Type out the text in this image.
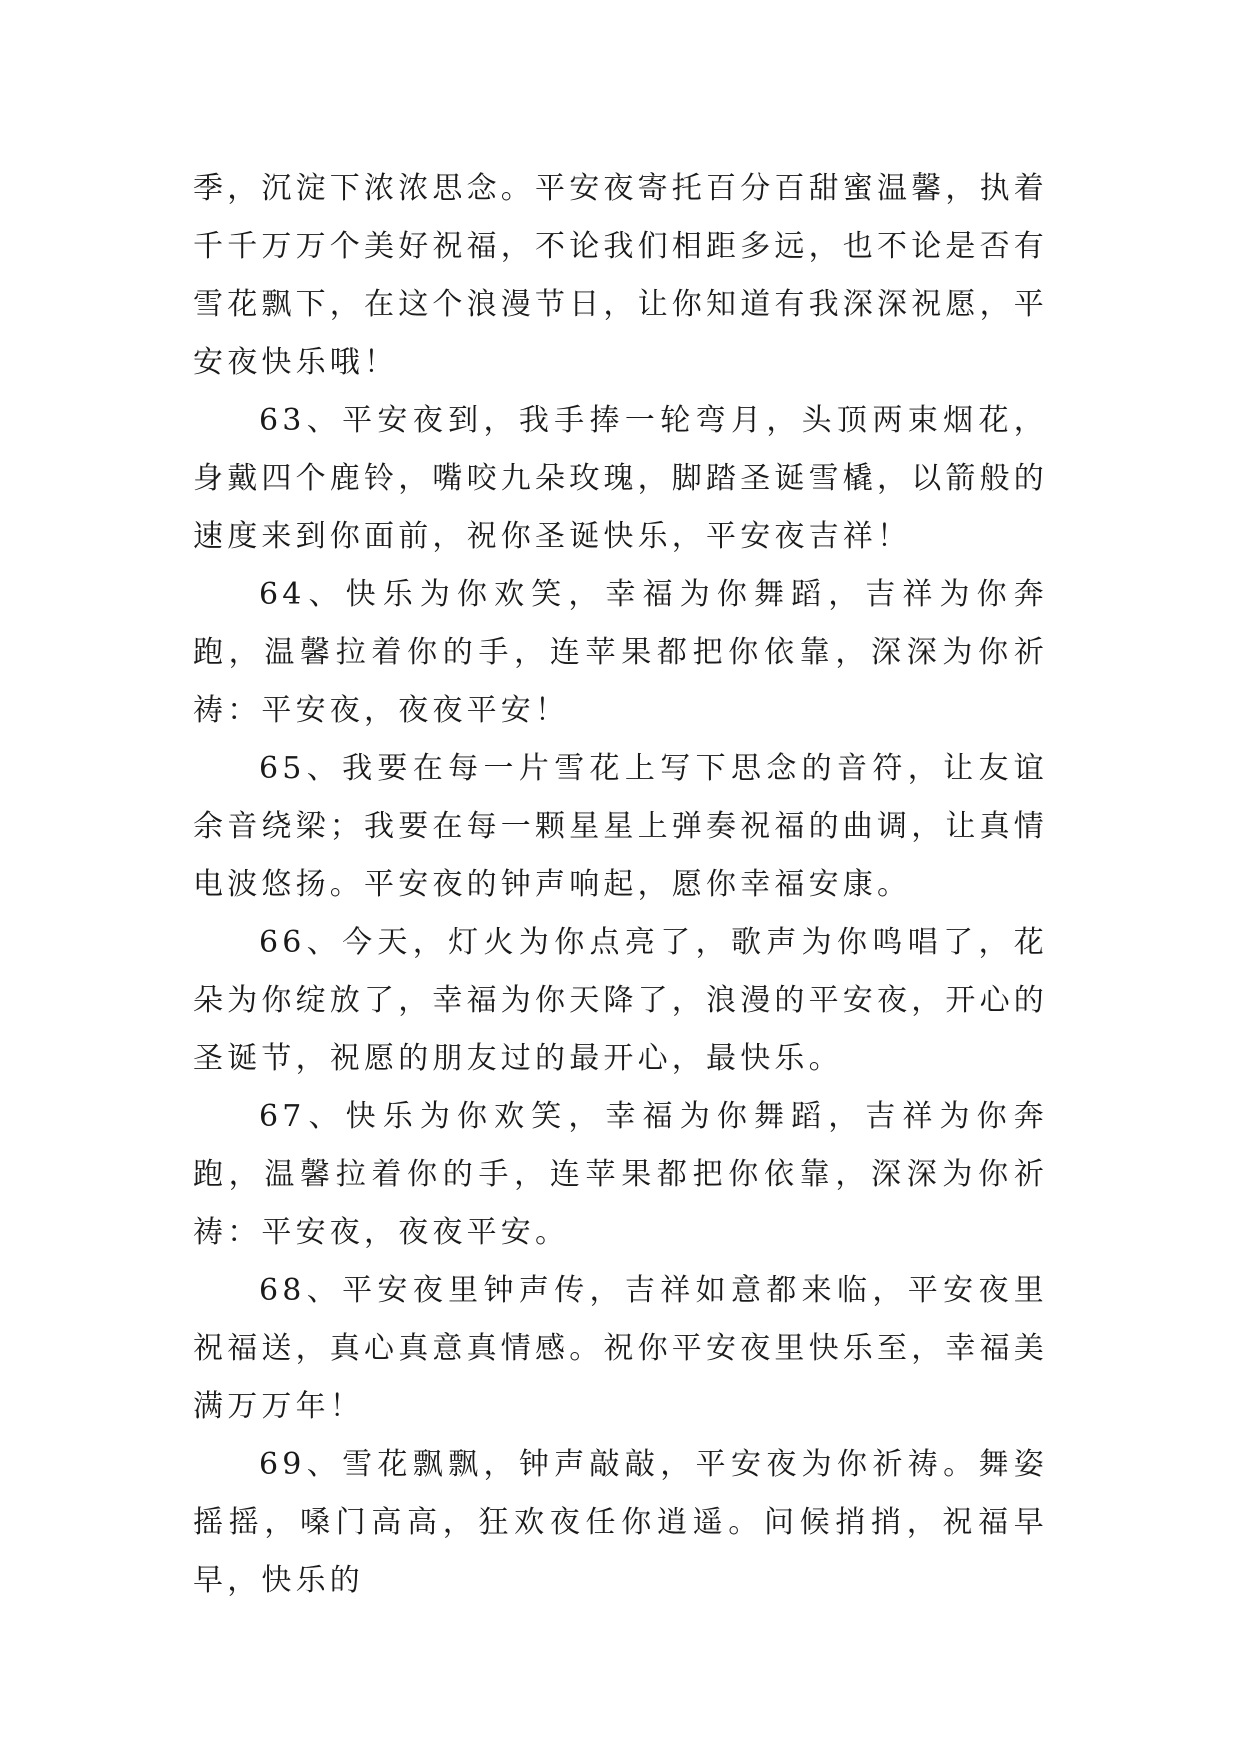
季，沉淀下浓浓思念。平安夜寄托百分百甜蜜温馨，执着千千万万个美好祝福，不论我们相距多远，也不论是否有雪花飘下，在这个浪漫节日，让你知道有我深深祝愿，平安夜快乐哦！

63、平安夜到，我手捧一轮弯月，头顶两束烟花，身戴四个鹿铃，嘴咬九朵玫瑰，脚踏圣诞雪橇，以箭般的速度来到你面前，祝你圣诞快乐，平安夜吉祥！

64、快乐为你欢笑，幸福为你舞蹈，吉祥为你奔跑，温馨拉着你的手，连苹果都把你依靠，深深为你祈祷：平安夜，夜夜平安！

65、我要在每一片雪花上写下思念的音符，让友谊余音绕梁；我要在每一颗星星上弹奏祝福的曲调，让真情电波悠扬。平安夜的钟声响起，愿你幸福安康。

66、今天，灯火为你点亮了，歌声为你鸣唱了，花朵为你绽放了，幸福为你天降了，浪漫的平安夜，开心的圣诞节，祝愿的朋友过的最开心，最快乐。

67、快乐为你欢笑，幸福为你舞蹈，吉祥为你奔跑，温馨拉着你的手，连苹果都把你依靠，深深为你祈祷：平安夜，夜夜平安。

68、平安夜里钟声传，吉祥如意都来临，平安夜里祝福送，真心真意真情感。祝你平安夜里快乐至，幸福美满万万年！

69、雪花飘飘，钟声敲敲，平安夜为你祈祷。舞姿摇摇，嗓门高高，狂欢夜任你逍遥。问候捎捎，祝福早早，快乐的
